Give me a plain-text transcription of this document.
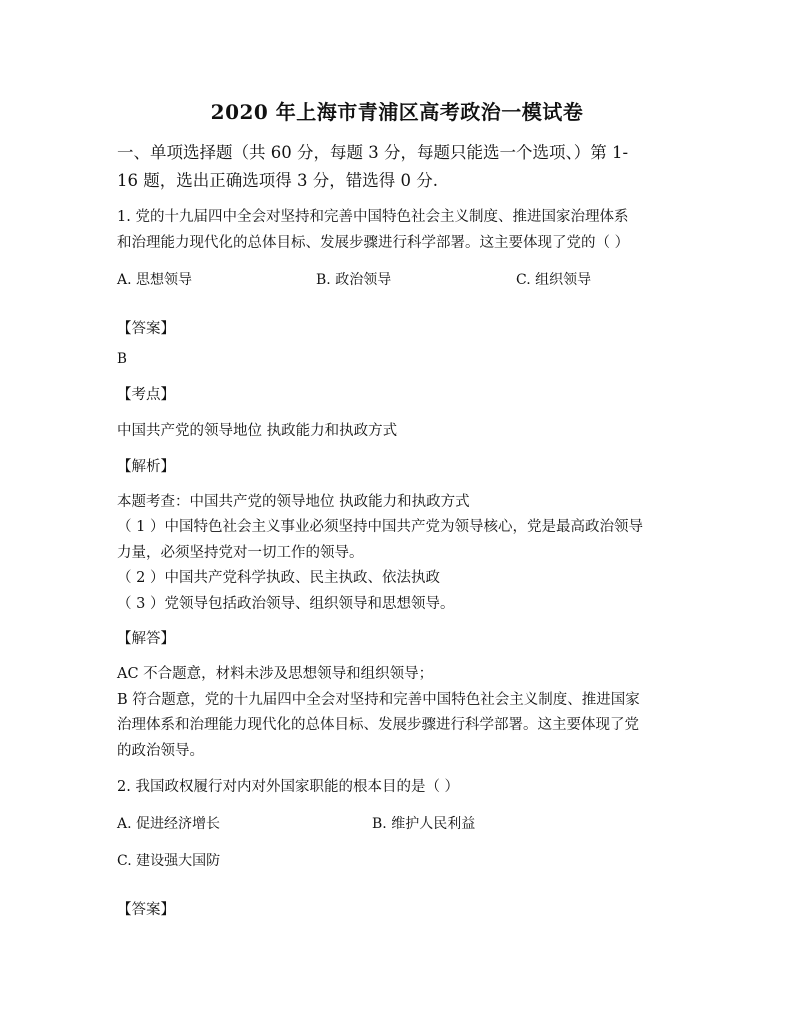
2020 年上海市青浦区高考政治一模试卷
一、单项选择题（共 60 分，每题 3 分，每题只能选一个选项、）第 1-
16 题，选出正确选项得 3 分，错选得 0 分.
1. 党的十九届四中全会对坚持和完善中国特色社会主义制度、推进国家治理体系
和治理能力现代化的总体目标、发展步骤进行科学部署。这主要体现了党的（ ）
A. 思想领导	B. 政治领导	C. 组织领导
【答案】
B
【考点】
中国共产党的领导地位 执政能力和执政方式
【解析】
本题考查：中国共产党的领导地位 执政能力和执政方式
（ 1 ）中国特色社会主义事业必须坚持中国共产党为领导核心，党是最高政治领导
力量，必须坚持党对一切工作的领导。
（ 2 ）中国共产党科学执政、民主执政、依法执政
（ 3 ）党领导包括政治领导、组织领导和思想领导。
【解答】
AC 不合题意，材料未涉及思想领导和组织领导；
B 符合题意，党的十九届四中全会对坚持和完善中国特色社会主义制度、推进国家
治理体系和治理能力现代化的总体目标、发展步骤进行科学部署。这主要体现了党
的政治领导。
2. 我国政权履行对内对外国家职能的根本目的是（ ）
A. 促进经济增长	B. 维护人民利益
C. 建设强大国防
【答案】
